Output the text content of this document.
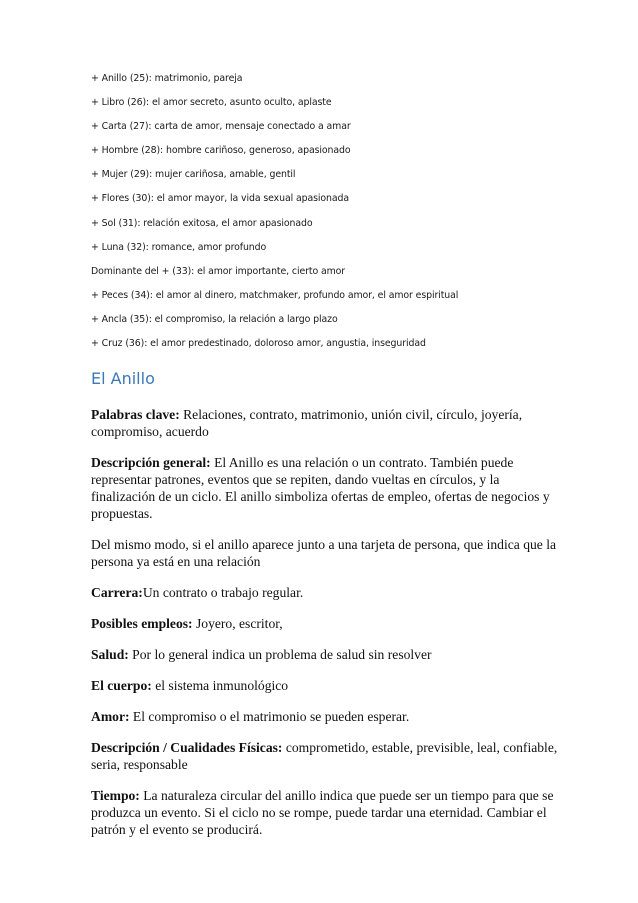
+ Anillo (25): matrimonio, pareja
+ Libro (26): el amor secreto, asunto oculto, aplaste
+ Carta (27): carta de amor, mensaje conectado a amar
+ Hombre (28): hombre cariñoso, generoso, apasionado
+ Mujer (29): mujer cariñosa, amable, gentil
+ Flores (30): el amor mayor, la vida sexual apasionada
+ Sol (31): relación exitosa, el amor apasionado
+ Luna (32): romance, amor profundo
Dominante del + (33): el amor importante, cierto amor
+ Peces (34): el amor al dinero, matchmaker, profundo amor, el amor espiritual
+ Ancla (35): el compromiso, la relación a largo plazo
+ Cruz (36): el amor predestinado, doloroso amor, angustia, inseguridad
El Anillo

Palabras clave: Relaciones, contrato, matrimonio, unión civil, círculo, joyería, compromiso, acuerdo

Descripción general: El Anillo es una relación o un contrato. También puede representar patrones, eventos que se repiten, dando vueltas en círculos, y la finalización de un ciclo. El anillo simboliza ofertas de empleo, ofertas de negocios y propuestas.

Del mismo modo, si el anillo aparece junto a una tarjeta de persona, que indica que la persona ya está en una relación

Carrera:Un contrato o trabajo regular.

Posibles empleos: Joyero, escritor,

Salud: Por lo general indica un problema de salud sin resolver

El cuerpo: el sistema inmunológico

Amor: El compromiso o el matrimonio se pueden esperar.

Descripción / Cualidades Físicas: comprometido, estable, previsible, leal, confiable, seria, responsable

Tiempo: La naturaleza circular del anillo indica que puede ser un tiempo para que se produzca un evento. Si el ciclo no se rompe, puede tardar una eternidad. Cambiar el patrón y el evento se producirá.
